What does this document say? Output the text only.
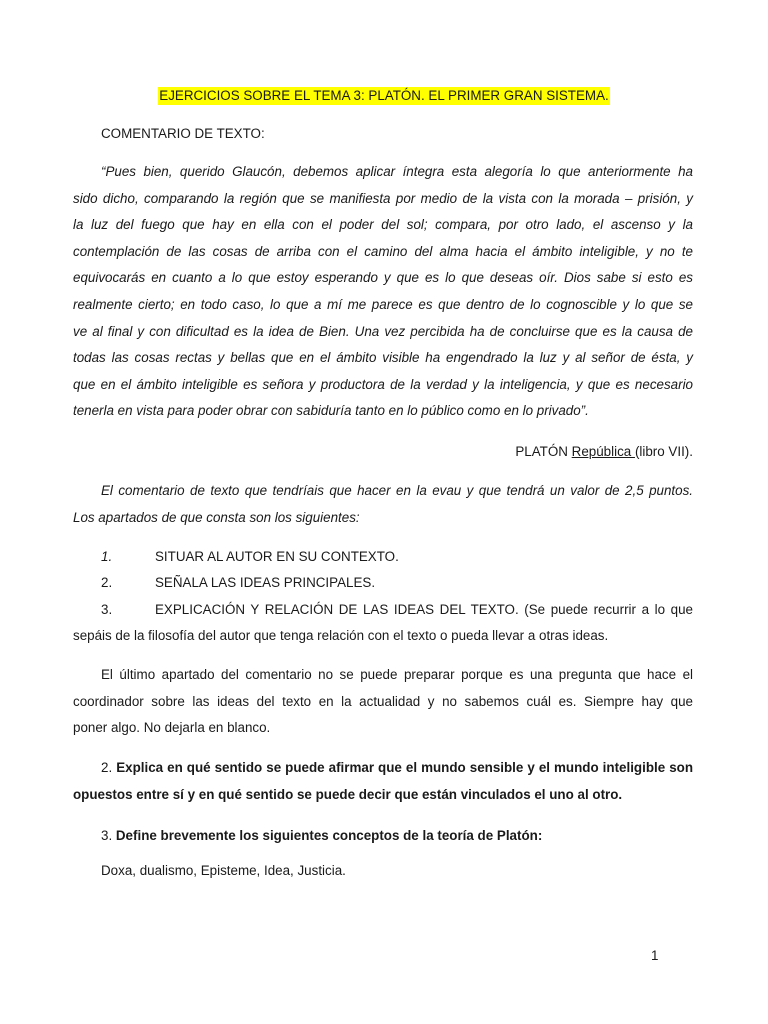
EJERCICIOS SOBRE EL TEMA 3: PLATÓN. EL PRIMER GRAN SISTEMA.
COMENTARIO DE TEXTO:
“Pues bien, querido Glaucón, debemos aplicar íntegra esta alegoría lo que anteriormente ha
sido dicho, comparando la región que se manifiesta por medio de la vista con la morada – prisión, y
la luz del fuego que hay en ella con el poder del sol; compara, por otro lado, el ascenso y la
contemplación de las cosas de arriba con el camino del alma hacia el ámbito inteligible, y no te
equivocarás en cuanto a lo que estoy esperando y que es lo que deseas oír. Dios sabe si esto es
realmente cierto; en todo caso, lo que a mí me parece es que dentro de lo cognoscible y lo que se
ve al final y con dificultad es la idea de Bien. Una vez percibida ha de concluirse que es la causa de
todas las cosas rectas y bellas que en el ámbito visible ha engendrado la luz y al señor de ésta, y
que en el ámbito inteligible es señora y productora de la verdad y la inteligencia, y que es necesario
tenerla en vista para poder obrar con sabiduría tanto en lo público como en lo privado”.
PLATÓN República (libro VII).
El comentario de texto que tendríais que hacer en la evau y que tendrá un valor de 2,5 puntos.
Los apartados de que consta son los siguientes:
1.	SITUAR AL AUTOR EN SU CONTEXTO.
2.	SEÑALA LAS IDEAS PRINCIPALES.
3.	EXPLICACIÓN Y RELACIÓN DE LAS IDEAS DEL TEXTO. (Se puede recurrir a lo que
sepáis de la filosofía del autor que tenga relación con el texto o pueda llevar a otras ideas.
El último apartado del comentario no se puede preparar porque es una pregunta que hace el
coordinador sobre las ideas del texto en la actualidad y no sabemos cuál es. Siempre hay que
poner algo. No dejarla en blanco.
2. Explica en qué sentido se puede afirmar que el mundo sensible y el mundo inteligible son
opuestos entre sí y en qué sentido se puede decir que están vinculados el uno al otro.
3. Define brevemente los siguientes conceptos de la teoría de Platón:
Doxa, dualismo, Episteme, Idea, Justicia.
1
